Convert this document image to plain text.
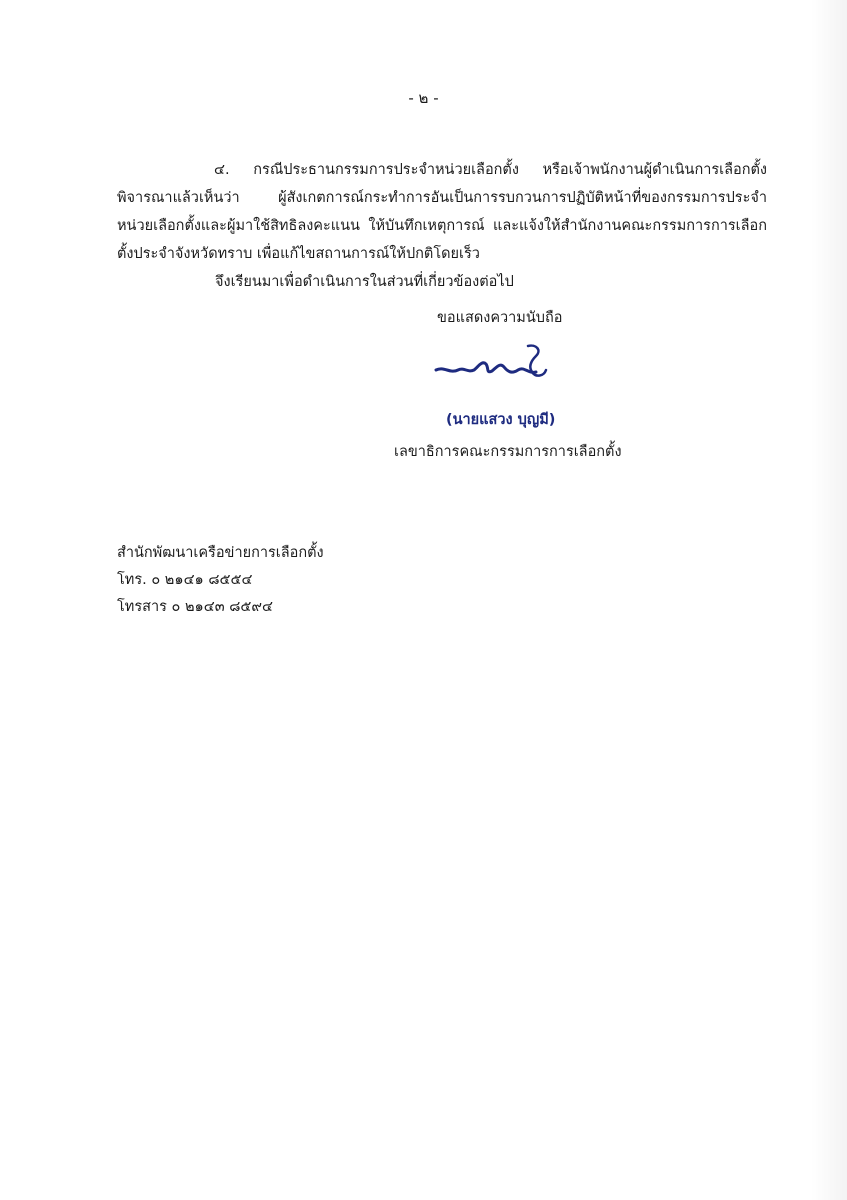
- ๒ -

๔. กรณีประธานกรรมการประจำหน่วยเลือกตั้ง หรือเจ้าพนักงานผู้ดำเนินการเลือกตั้ง พิจารณาแล้วเห็นว่า ผู้สังเกตการณ์กระทำการอันเป็นการรบกวนการปฏิบัติหน้าที่ของกรรมการประจำหน่วยเลือกตั้งและผู้มาใช้สิทธิลงคะแนน ให้บันทึกเหตุการณ์ และแจ้งให้สำนักงานคณะกรรมการการเลือกตั้งประจำจังหวัดทราบ เพื่อแก้ไขสถานการณ์ให้ปกติโดยเร็ว

จึงเรียนมาเพื่อดำเนินการในส่วนที่เกี่ยวข้องต่อไป
ขอแสดงความนับถือ
(นายแสวง บุญมี)
เลขาธิการคณะกรรมการการเลือกตั้ง
สำนักพัฒนาเครือข่ายการเลือกตั้ง
โทร. ๐ ๒๑๔๑ ๘๕๕๔
โทรสาร ๐ ๒๑๔๓ ๘๕๙๔
